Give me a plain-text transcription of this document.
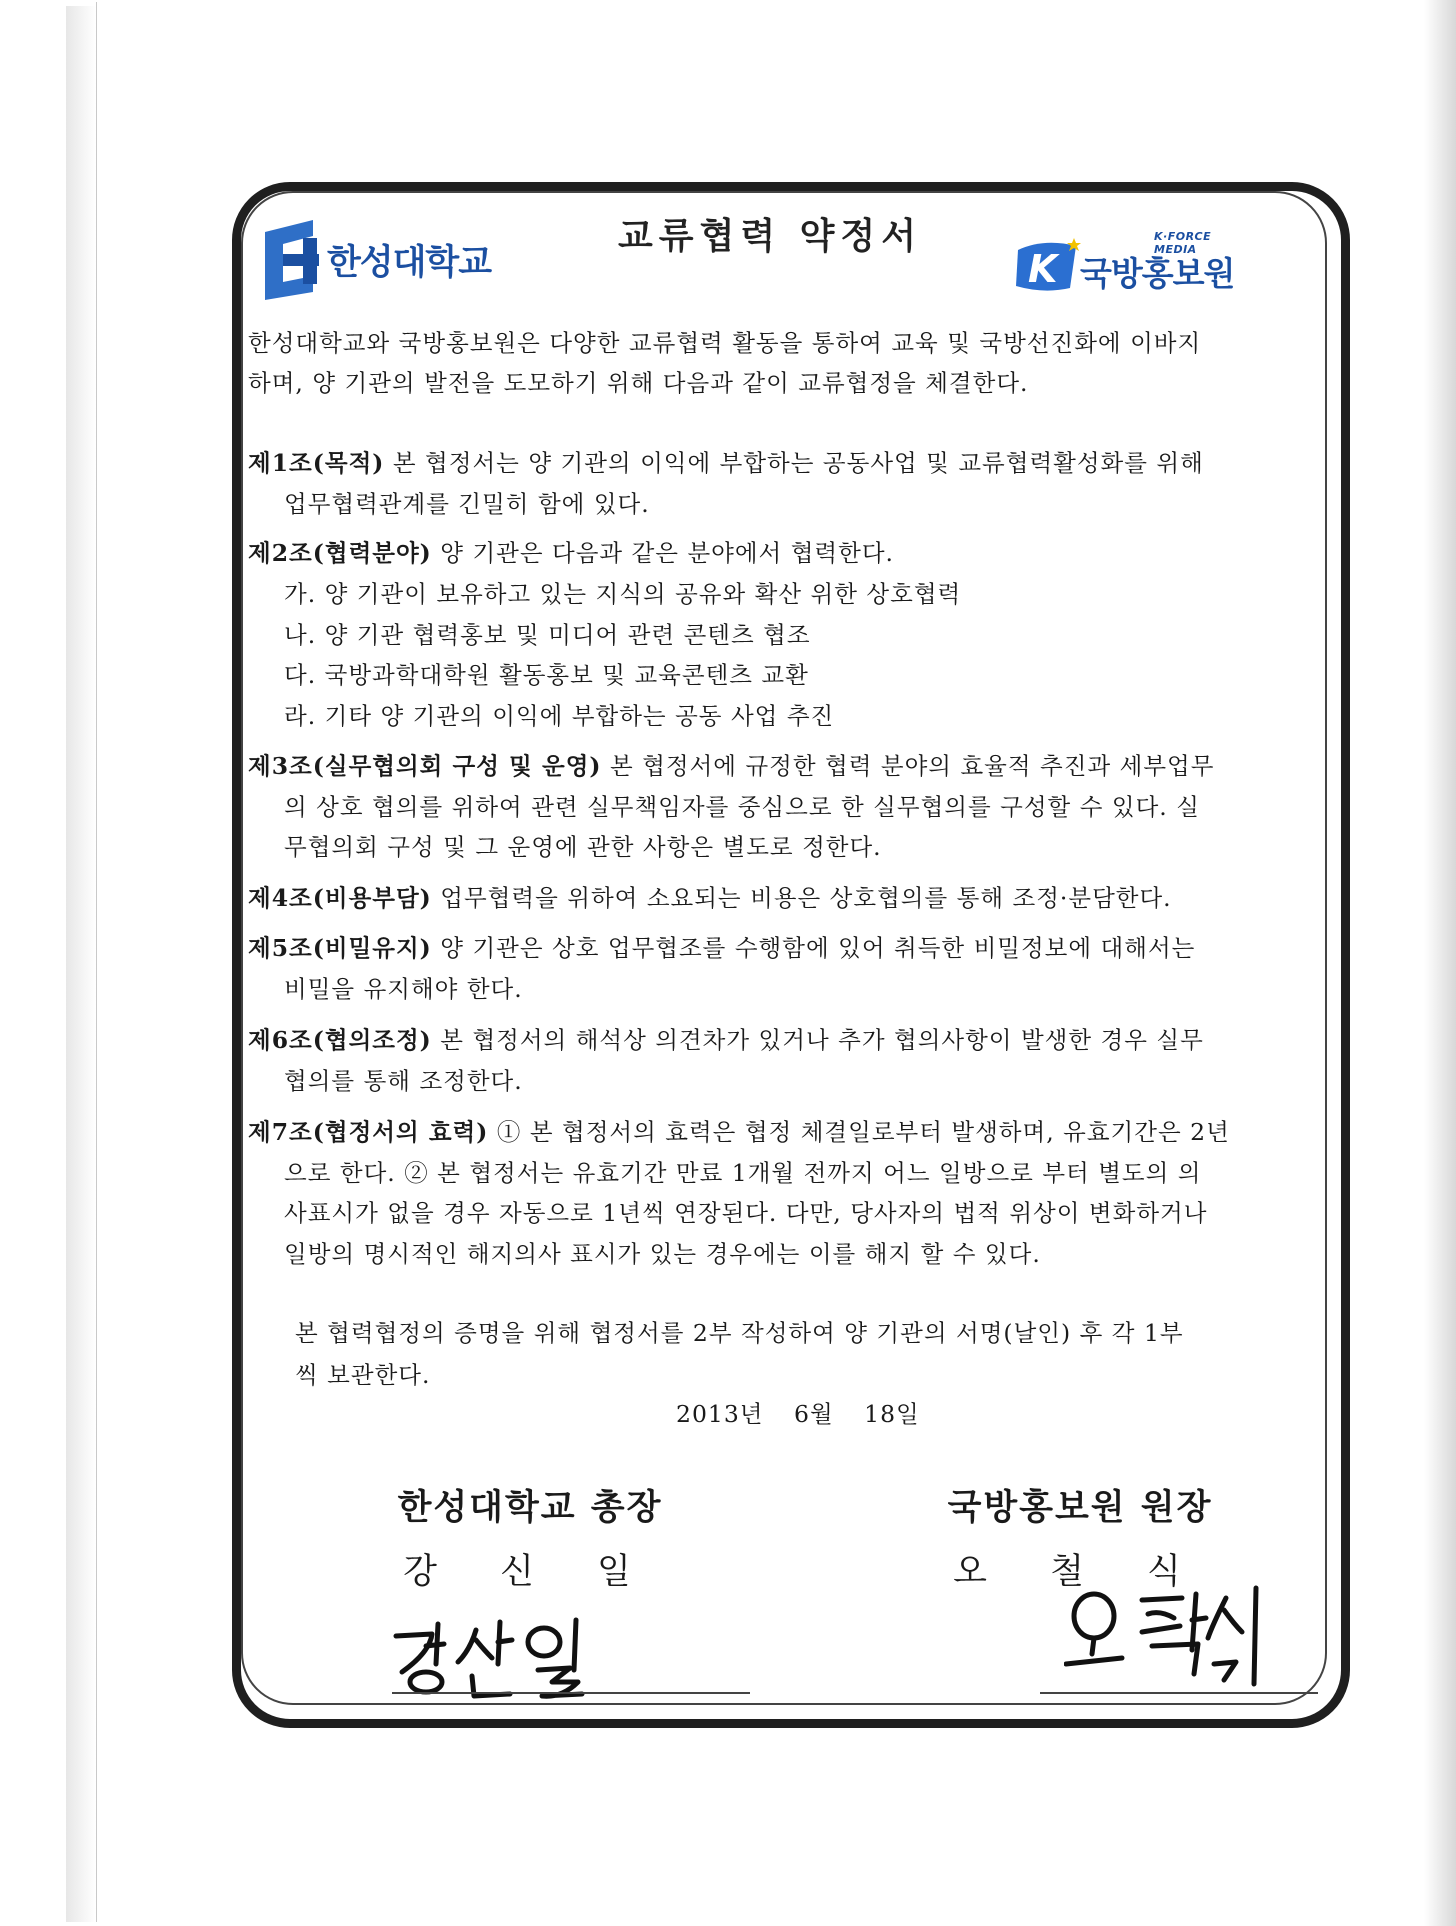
한성대학교
교류협력 약정서
K
K·FORCE MEDIA
국방홍보원

한성대학교와 국방홍보원은 다양한 교류협력 활동을 통하여 교육 및 국방선진화에 이바지

하며, 양 기관의 발전을 도모하기 위해 다음과 같이 교류협정을 체결한다.

제1조(목적) 본 협정서는 양 기관의 이익에 부합하는 공동사업 및 교류협력활성화를 위해
업무협력관계를 긴밀히 함에 있다.
제2조(협력분야) 양 기관은 다음과 같은 분야에서 협력한다.
가. 양 기관이 보유하고 있는 지식의 공유와 확산 위한 상호협력
나. 양 기관 협력홍보 및 미디어 관련 콘텐츠 협조
다. 국방과학대학원 활동홍보 및 교육콘텐츠 교환
라. 기타 양 기관의 이익에 부합하는 공동 사업 추진
제3조(실무협의회 구성 및 운영) 본 협정서에 규정한 협력 분야의 효율적 추진과 세부업무
의 상호 협의를 위하여 관련 실무책임자를 중심으로 한 실무협의를 구성할 수 있다. 실
무협의회 구성 및 그 운영에 관한 사항은 별도로 정한다.
제4조(비용부담) 업무협력을 위하여 소요되는 비용은 상호협의를 통해 조정·분담한다.
제5조(비밀유지) 양 기관은 상호 업무협조를 수행함에 있어 취득한 비밀정보에 대해서는
비밀을 유지해야 한다.
제6조(협의조정) 본 협정서의 해석상 의견차가 있거나 추가 협의사항이 발생한 경우 실무
협의를 통해 조정한다.
제7조(협정서의 효력) ① 본 협정서의 효력은 협정 체결일로부터 발생하며, 유효기간은 2년
으로 한다. ② 본 협정서는 유효기간 만료 1개월 전까지 어느 일방으로 부터 별도의 의
사표시가 없을 경우 자동으로 1년씩 연장된다. 다만, 당사자의 법적 위상이 변화하거나
일방의 명시적인 해지의사 표시가 있는 경우에는 이를 해지 할 수 있다.
본 협력협정의 증명을 위해 협정서를 2부 작성하여 양 기관의 서명(날인) 후 각 1부
씩 보관한다.
2013년 6월 18일
한성대학교 총장
강 신 일
국방홍보원 원장
오 철 식
